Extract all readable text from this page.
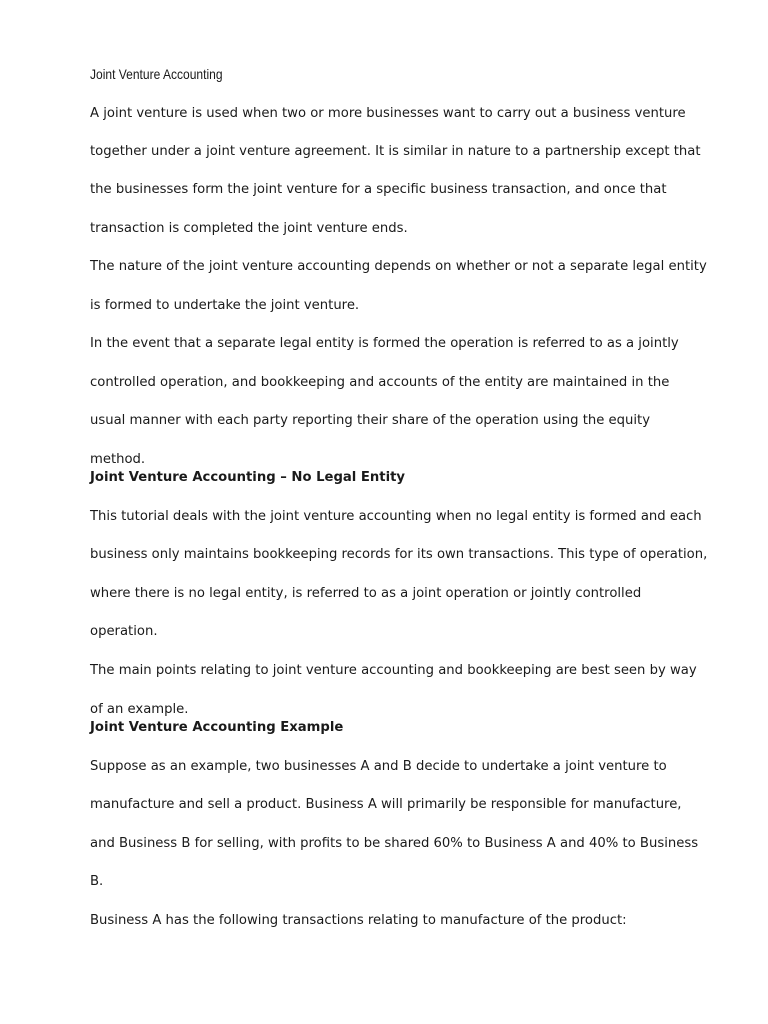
Joint Venture Accounting
A joint venture is used when two or more businesses want to carry out a business venture
together under a joint venture agreement. It is similar in nature to a partnership except that
the businesses form the joint venture for a specific business transaction, and once that
transaction is completed the joint venture ends.
The nature of the joint venture accounting depends on whether or not a separate legal entity
is formed to undertake the joint venture.
In the event that a separate legal entity is formed the operation is referred to as a jointly
controlled operation, and bookkeeping and accounts of the entity are maintained in the
usual manner with each party reporting their share of the operation using the equity
method.
Joint Venture Accounting – No Legal Entity
This tutorial deals with the joint venture accounting when no legal entity is formed and each
business only maintains bookkeeping records for its own transactions. This type of operation,
where there is no legal entity, is referred to as a joint operation or jointly controlled
operation.
The main points relating to joint venture accounting and bookkeeping are best seen by way
of an example.
Joint Venture Accounting Example
Suppose as an example, two businesses A and B decide to undertake a joint venture to
manufacture and sell a product. Business A will primarily be responsible for manufacture,
and Business B for selling, with profits to be shared 60% to Business A and 40% to Business
B.
Business A has the following transactions relating to manufacture of the product:
